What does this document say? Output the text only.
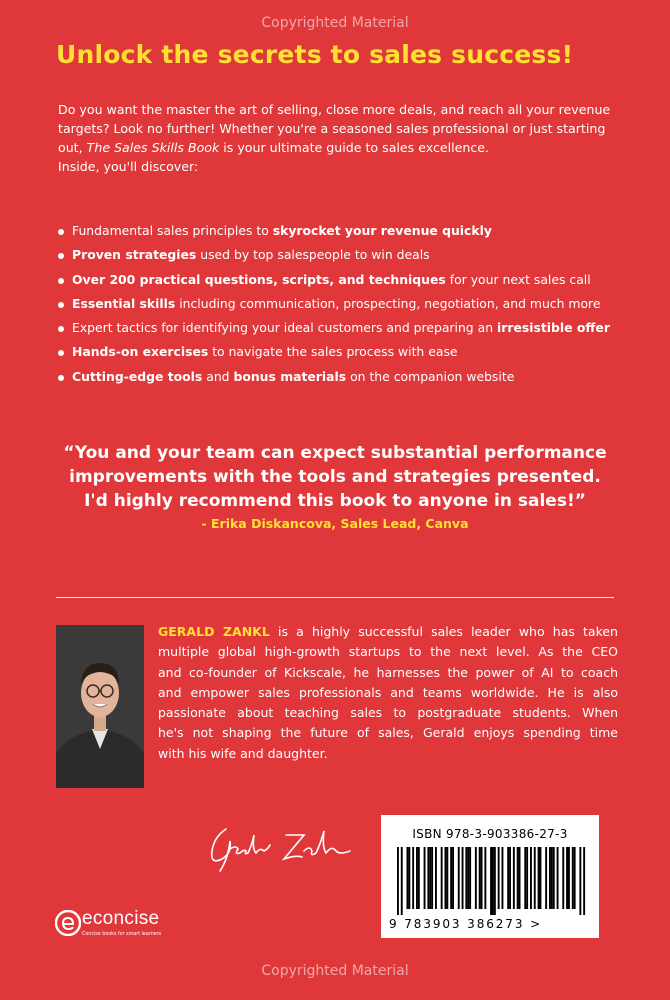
Copyrighted Material
Unlock the secrets to sales success!

Do you want the master the art of selling, close more deals, and reach all your revenue

targets? Look no further! Whether you're a seasoned sales professional or just starting

out, The Sales Skills Book is your ultimate guide to sales excellence.

Inside, you'll discover:

Fundamental sales principles to skyrocket your revenue quickly
Proven strategies used by top salespeople to win deals
Over 200 practical questions, scripts, and techniques for your next sales call
Essential skills including communication, prospecting, negotiation, and much more
Expert tactics for identifying your ideal customers and preparing an irresistible offer
Hands-on exercises to navigate the sales process with ease
Cutting-edge tools and bonus materials on the companion website
“You and your team can expect substantial performance
improvements with the tools and strategies presented.
I'd highly recommend this book to anyone in sales!”
- Erika Diskancova, Sales Lead, Canva
GERALD ZANKL is a highly successful sales leader who has taken
multiple global high-growth startups to the next level. As the CEO
and co-founder of Kickscale, he harnesses the power of AI to coach
and empower sales professionals and teams worldwide. He is also
passionate about teaching sales to postgraduate students. When
he's not shaping the future of sales, Gerald enjoys spending time
with his wife and daughter.
ISBN 978-3-903386-27-3
9 783903 386273 >
econcise
Concise books for smart learners
Copyrighted Material
